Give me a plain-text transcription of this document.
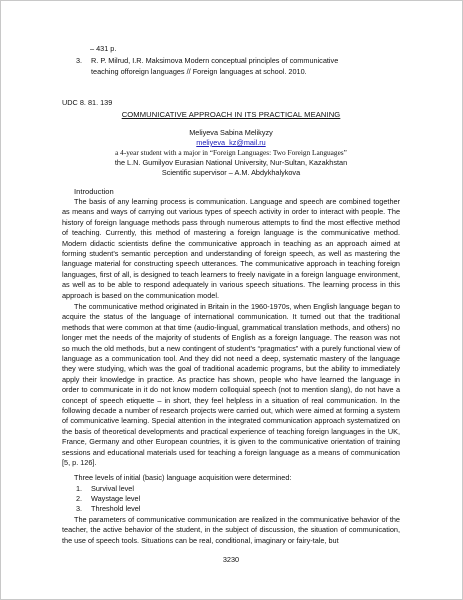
– 431 p.
3. R. P. Milrud, I.R. Maksimova Modern conceptual principles of communicative
teaching offoreign languages // Foreign languages at school. 2010.
UDC 8. 81. 139
COMMUNICATIVE APPROACH IN ITS PRACTICAL MEANING
Meliyeva Sabina Melikyzy
meliyeva_kz@mail.ru
a 4-year student with a major in “Foreign Languages: Two Foreign Languages”
the L.N. Gumilyov Eurasian National University, Nur-Sultan, Kazakhstan
Scientific supervisor – A.M. Abdykhalykova
Introduction
The basis of any learning process is communication. Language and speech are combined together as means and ways of carrying out various types of speech activity in order to interact with people. The history of foreign language methods pass through numerous attempts to find the most effective method of teaching. Currently, this method of mastering a foreign language is the communicative method. Modern didactic scientists define the communicative approach in teaching as an approach aimed at forming student’s semantic perception and understanding of foreign speech, as well as mastering the language material for constructing speech utterances. The communicative approach in teaching foreign languages, first of all, is designed to teach learners to freely navigate in a foreign language environment, as well as to be able to respond adequately in various speech situations. The learning process in this approach is based on the communication model.
The communicative method originated in Britain in the 1960-1970s, when English language began to acquire the status of the language of international communication. It turned out that the traditional methods that were common at that time (audio-lingual, grammatical translation methods, and others) no longer met the needs of the majority of students of English as a foreign language. The reason was not so much the old methods, but a new contingent of student’s “pragmatics” with a purely functional view of language as a communication tool. And they did not need a deep, systematic mastery of the language they were studying, which was the goal of traditional academic programs, but the ability to immediately apply their knowledge in practice. As practice has shown, people who have learned the language in order to communicate in it do not know modern colloquial speech (not to mention slang), do not have a concept of speech etiquette – in short, they feel helpless in a situation of real communication. In the following decade a number of research projects were carried out, which were aimed at forming a system of communicative learning. Special attention in the integrated communication approach systematized on the basis of theoretical developments and practical experience of teaching foreign languages in the UK, France, Germany and other European countries, it is given to the communicative orientation of training sessions and educational materials used for teaching a foreign language as a means of communication [5, p. 126].
Three levels of initial (basic) language acquisition were determined:
1. Survival level
2. Waystage level
3. Threshold level
The parameters of communicative communication are realized in the communicative behavior of the teacher, the active behavior of the student, in the subject of discussion, the situation of communication, the use of speech tools. Situations can be real, conditional, imaginary or fairy-tale, but
3230
